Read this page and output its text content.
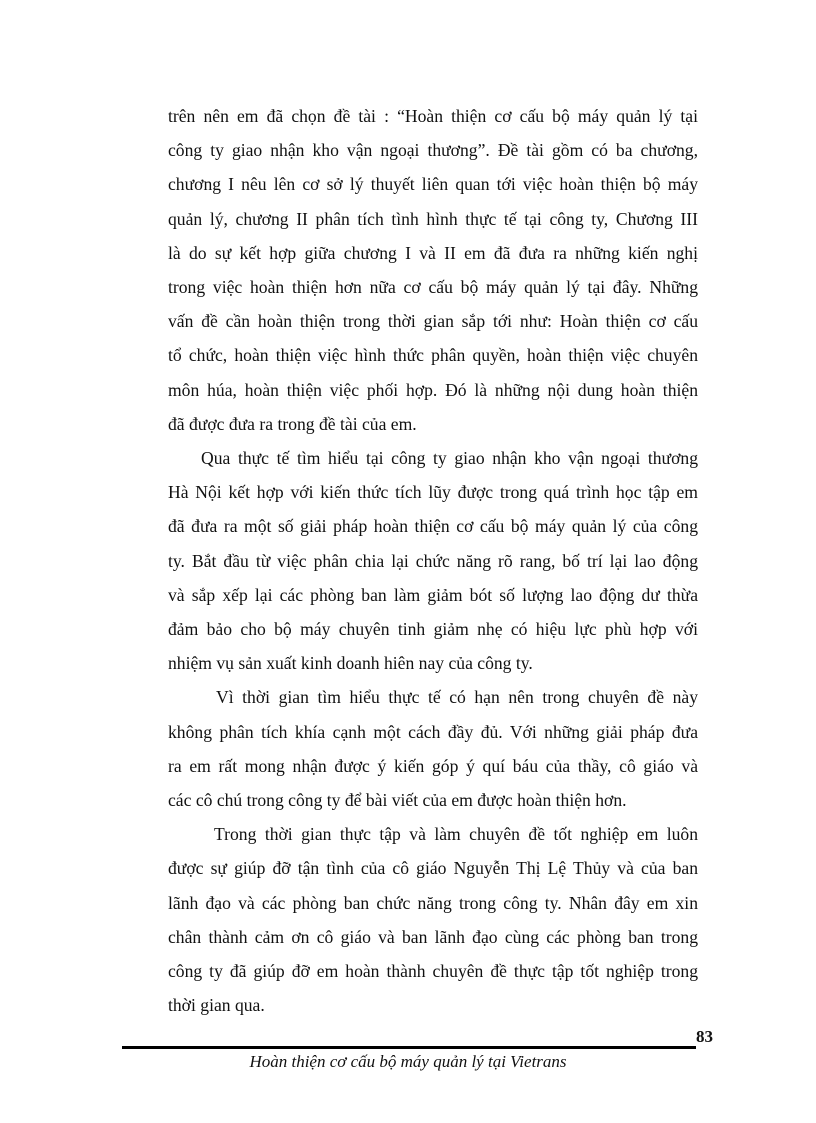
trên nên em đã chọn đề tài : “Hoàn thiện cơ cấu bộ máy quản lý tại
công ty giao nhận kho vận ngoại thương”. Đề tài gồm có ba chương,
chương I nêu lên cơ sở lý thuyết liên quan tới việc hoàn thiện bộ máy
quản lý, chương II phân tích tình hình thực tế tại công ty, Chương III
là do sự kết hợp giữa chương I và II em đã đưa ra những kiến nghị
trong việc hoàn thiện hơn nữa cơ cấu bộ máy quản lý tại đây. Những
vấn đề cần hoàn thiện trong thời gian sắp tới như: Hoàn thiện cơ cấu
tổ chức, hoàn thiện việc hình thức phân quyền, hoàn thiện việc chuyên
môn húa, hoàn thiện việc phối hợp. Đó là những nội dung hoàn thiện
đã được đưa ra trong đề tài của em.
Qua thực tế tìm hiểu tại công ty giao nhận kho vận ngoại thương
Hà Nội kết hợp với kiến thức tích lũy được trong quá trình học tập em
đã đưa ra một số giải pháp hoàn thiện cơ cấu bộ máy quản lý của công
ty. Bắt đầu từ việc phân chia lại chức năng rõ rang, bố trí lại lao động
và sắp xếp lại các phòng ban làm giảm bót số lượng lao động dư thừa
đảm bảo cho bộ máy chuyên tinh giảm nhẹ có hiệu lực phù hợp với
nhiệm vụ sản xuất kinh doanh hiên nay của công ty.
Vì thời gian tìm hiểu thực tế có hạn nên trong chuyên đề này
không phân tích khía cạnh một cách đầy đủ. Với những giải pháp đưa
ra em rất mong nhận được ý kiến góp ý quí báu của thầy, cô giáo và
các cô chú trong công ty để bài viết của em được hoàn thiện hơn.
Trong thời gian thực tập và làm chuyên đề tốt nghiệp em luôn
được sự giúp đỡ tận tình của cô giáo Nguyễn Thị Lệ Thủy và của ban
lãnh đạo và các phòng ban chức năng trong công ty. Nhân đây em xin
chân thành cảm ơn cô giáo và ban lãnh đạo cùng các phòng ban trong
công ty đã giúp đỡ em hoàn thành chuyên đề thực tập tốt nghiệp trong
thời gian qua.
83
Hoàn thiện cơ cấu bộ máy quản lý tại Vietrans
